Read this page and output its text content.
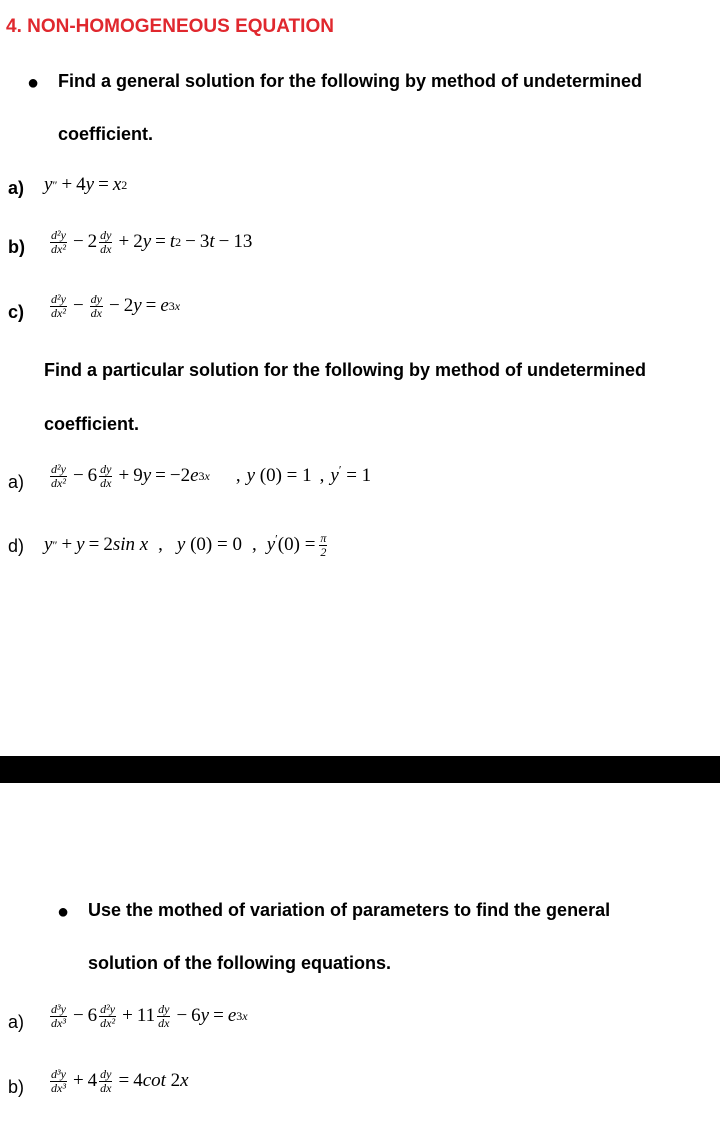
4. NON-HOMOGENEOUS EQUATION
● Find a general solution for the following by method of undetermined
coefficient.
a) y ″ + 4 y = x 2
$b) \frac{\text{d²y}}{\text{dx²}} - 2 \frac{dy}{dx} + 2$ y = t 2 − 3 t − 13
$c) \frac{\text{d²y}}{\text{dx²}} - \frac{dy}{dx} - 2$ y = e 3x
Find a particular solution for the following by method of undetermined
coefficient.
$a) \frac{\text{d²y}}{\text{dx²}} - 6 \frac{dy}{dx} + 9$ y = −2 e 3x , y (0) = 1 , y′ = 1
d) y ″ + y = 2 sin x , y (0) = 0 , $y'(0) = \frac{\pi}{2}$
● Use the mothed of variation of parameters to find the general
solution of the following equations.
$a) \frac{\text{d³y}}{\text{dx³}} - 6 \frac{\text{d²y}}{\text{dx²}} + 11 \frac{dy}{dx} - 6$ y = e 3x
$b) \frac{\text{d³y}}{\text{dx³}} + 4 \frac{dy}{dx} = 4$ cot 2 x
